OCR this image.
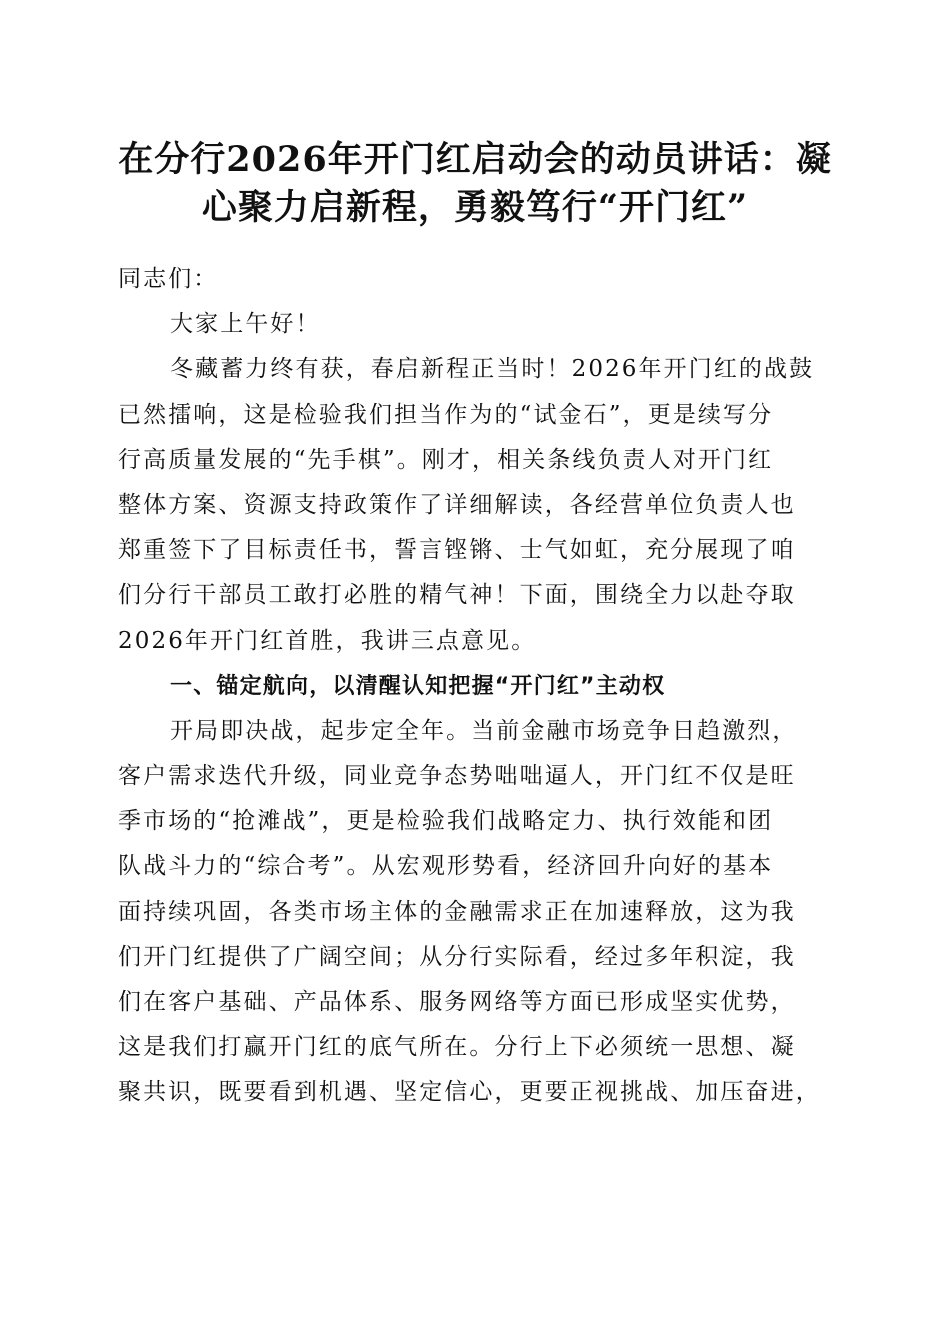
在分行2026年开门红启动会的动员讲话：凝
心聚力启新程，勇毅笃行“开门红”
同志们：
大家上午好！
冬藏蓄力终有获，春启新程正当时！2026年开门红的战鼓
已然擂响，这是检验我们担当作为的“试金石”，更是续写分
行高质量发展的“先手棋”。刚才，相关条线负责人对开门红
整体方案、资源支持政策作了详细解读，各经营单位负责人也
郑重签下了目标责任书，誓言铿锵、士气如虹，充分展现了咱
们分行干部员工敢打必胜的精气神！下面，围绕全力以赴夺取
2026年开门红首胜，我讲三点意见。
一、锚定航向，以清醒认知把握“开门红”主动权
开局即决战，起步定全年。当前金融市场竞争日趋激烈，
客户需求迭代升级，同业竞争态势咄咄逼人，开门红不仅是旺
季市场的“抢滩战”，更是检验我们战略定力、执行效能和团
队战斗力的“综合考”。从宏观形势看，经济回升向好的基本
面持续巩固，各类市场主体的金融需求正在加速释放，这为我
们开门红提供了广阔空间；从分行实际看，经过多年积淀，我
们在客户基础、产品体系、服务网络等方面已形成坚实优势，
这是我们打赢开门红的底气所在。分行上下必须统一思想、凝
聚共识，既要看到机遇、坚定信心，更要正视挑战、加压奋进，
